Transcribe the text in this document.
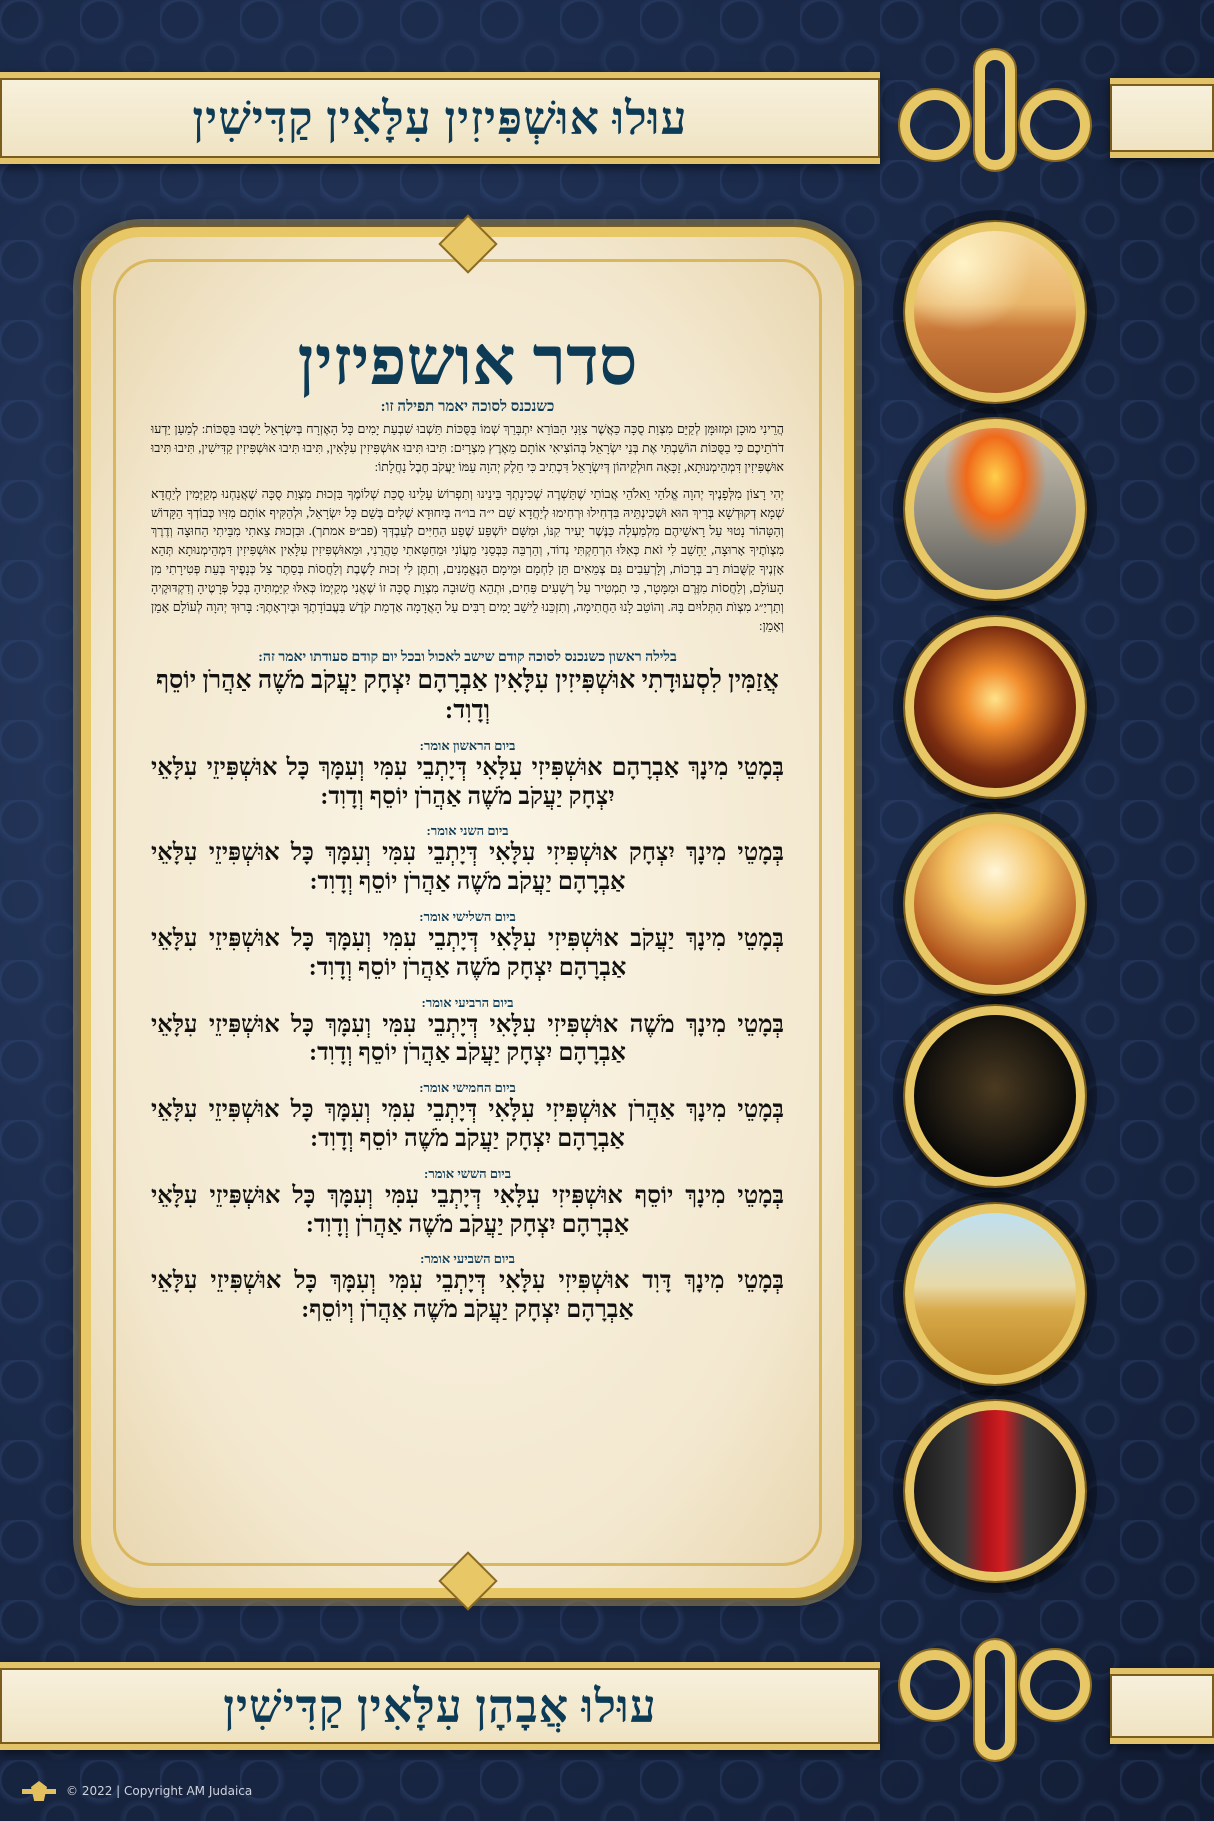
עוּלוּ אוּשְׁפִּיזִין עִלָּאִין קַדִּישִׁין
עוּלוּ אֲבָהָן עִלָּאִין קַדִּישִׁין
סדר אושפיזין
כשנכנס לסוכה יאמר תפילה זו:

הֲרֵינִי מוּכָן וּמְזוּמָּן לְקַיֵּם מִצְוַת סֻכָּה כַּאֲשֶׁר צִוַּנִי הַבּוֹרֵא יִתְבָּרַךְ שְׁמוֹ בַּסֻּכּוֹת תֵּשְׁבוּ שִׁבְעַת יָמִים כָּל הָאֶזְרָח בְּיִשְׂרָאֵל יֵשְׁבוּ בַּסֻּכּוֹת: לְמַעַן יֵדְעוּ דֹרֹתֵיכֶם כִּי בַסֻּכּוֹת הוֹשַׁבְתִּי אֶת בְּנֵי יִשְׂרָאֵל בְּהוֹצִיאִי אוֹתָם מֵאֶרֶץ מִצְרָיִם: תִּיבוּ תִּיבוּ אוּשְׁפִּיזִין עִלָּאִין, תִּיבוּ תִּיבוּ אוּשְׁפִּיזִין קַדִּישִׁין, תִּיבוּ תִּיבוּ אוּשְׁפִּיזִין דִּמְהֵימְנוּתָא, זַכָּאָה חוּלְקֵיהוֹן דְּיִשְׂרָאֵל דִּכְתִיב כִּי חֵלֶק יְהוָה עַמּוֹ יַעֲקֹב חֶבֶל נַחֲלָתוֹ:

יְהִי רָצוֹן מִלְּפָנֶיךָ יְהוָה אֱלֹהַי וֵאלֹהֵי אֲבוֹתַי שֶׁתַּשְׁרֶה שְׁכִינָתְךָ בֵּינֵינוּ וְתִפְרוֹשׂ עָלֵינוּ סֻכַּת שְׁלוֹמֶךָ בִּזְכוּת מִצְוַת סֻכָּה שֶׁאֲנַחְנוּ מְקַיְּמִין לְיַחֲדָא שְׁמָא דְקוּדְשָׁא בְּרִיךְ הוּא וּשְׁכִינְתֵּיהּ בִּדְחִילוּ וּרְחִימוּ לְיַחֲדָא שֵׁם י״ה בו״ה בְּיִחוּדָא שְׁלִים בְּשֵׁם כָּל יִשְׂרָאֵל, וּלְהַקִּיף אוֹתָם מִזִּיו כְּבוֹדְךָ הַקָּדוֹשׁ וְהַטָּהוֹר נָטוּי עַל רָאשֵׁיהֶם מִלְמַעְלָה כַּנֶּשֶׁר יָעִיר קִנּוֹ, וּמִשָּׁם יוֹשְׁפַּע שֶׁפַע הַחַיִּים לְעַבְדְּךָ (פב״פ אמתך). וּבִזְכוּת צֵאתִי מִבֵּיתִי הַחוּצָה וְדֶרֶךְ מִצְוֺתֶיךָ אָרוּצָה, יֵחָשֵׁב לִי זֹאת כְּאִלּוּ הִרְחַקְתִּי נְדוֹד, וְהַרְבֵּה כַּבְּסֵנִי מֵעֲוֹנִי וּמֵחַטָּאתִי טַהֲרֵנִי, וּמֵאוּשְׁפִּיזִין עִלָּאִין אוּשְׁפִּיזִין דִּמְהֵימְנוּתָא תְּהֵא אָזְנֶיךָ קַשֻּׁבוֹת רַב בְּרָכוֹת, וְלָרְעֵבִים גַּם צְמֵאִים תֵּן לַחְמָם וּמֵימָם הַנֶּאֱמָנִים, וְתִתֶּן לִי זְכוּת לָשֶׁבֶת וְלַחֲסוֹת בְּסֵתֶר צֵל כְּנָפֶיךָ בְּעֵת פְּטִירָתִי מִן הָעוֹלָם, וְלַחֲסוֹת מִזֶּרֶם וּמִמָּטָר, כִּי תַמְטִיר עַל רְשָׁעִים פַּחִים, וּתְהֵא חֲשׁוּבָה מִצְוַת סֻכָּה זוֹ שֶׁאֲנִי מְקַיְּמוֹ כְּאִלּוּ קִיַּמְתִּיהָ בְּכָל פְּרָטֶיהָ וְדִקְדּוּקֶיהָ וְתַרְיַ״ג מִצְוֺת הַתְּלוּיִם בָּהּ. וְהוֹטֵב לָנוּ הַחֲתִימָה, וְתִזְכֵּנוּ לֵישֵׁב יָמִים רַבִּים עַל הָאֲדָמָה אַדְמַת קֹדֶשׁ בַּעֲבוֹדָתֶךָ וּבְיִרְאָתֶךָ: בָּרוּךְ יְהוָה לְעוֹלָם אָמֵן וְאָמֵן:

בלילה ראשון כשנכנס לסוכה קודם שישב לאכול ובכל יום קודם סעודתו יאמר זה:
אֲזַמִּין לִסְעוּדָתִי אוּשְׁפִּיזִין עִלָּאִין אַבְרָהָם יִצְחָק יַעֲקֹב מֹשֶׁה אַהֲרֹן יוֹסֵף וְדָוִד:
ביום הראשון אומר:
בְּמָטֵי מִינָךְ אַבְרָהָם אוּשְׁפִּיזִי עִלָּאִי דְּיָתְבֵי עִמִּי וְעִמָּךְ כָּל אוּשְׁפִּיזֵי עִלָּאֵי יִצְחָק יַעֲקֹב מֹשֶׁה אַהֲרֹן יוֹסֵף וְדָוִד:
ביום השני אומר:
בְּמָטֵי מִינָךְ יִצְחָק אוּשְׁפִּיזִי עִלָּאִי דְּיָתְבֵי עִמִּי וְעִמָּךְ כָּל אוּשְׁפִּיזֵי עִלָּאֵי אַבְרָהָם יַעֲקֹב מֹשֶׁה אַהֲרֹן יוֹסֵף וְדָוִד:
ביום השלישי אומר:
בְּמָטֵי מִינָךְ יַעֲקֹב אוּשְׁפִּיזִי עִלָּאִי דְּיָתְבֵי עִמִּי וְעִמָּךְ כָּל אוּשְׁפִּיזֵי עִלָּאֵי אַבְרָהָם יִצְחָק מֹשֶׁה אַהֲרֹן יוֹסֵף וְדָוִד:
ביום הרביעי אומר:
בְּמָטֵי מִינָךְ מֹשֶׁה אוּשְׁפִּיזִי עִלָּאִי דְּיָתְבֵי עִמִּי וְעִמָּךְ כָּל אוּשְׁפִּיזֵי עִלָּאֵי אַבְרָהָם יִצְחָק יַעֲקֹב אַהֲרֹן יוֹסֵף וְדָוִד:
ביום החמישי אומר:
בְּמָטֵי מִינָךְ אַהֲרֹן אוּשְׁפִּיזִי עִלָּאִי דְּיָתְבֵי עִמִּי וְעִמָּךְ כָּל אוּשְׁפִּיזֵי עִלָּאֵי אַבְרָהָם יִצְחָק יַעֲקֹב מֹשֶׁה יוֹסֵף וְדָוִד:
ביום הששי אומר:
בְּמָטֵי מִינָךְ יוֹסֵף אוּשְׁפִּיזִי עִלָּאִי דְּיָתְבֵי עִמִּי וְעִמָּךְ כָּל אוּשְׁפִּיזֵי עִלָּאֵי אַבְרָהָם יִצְחָק יַעֲקֹב מֹשֶׁה אַהֲרֹן וְדָוִד:
ביום השביעי אומר:
בְּמָטֵי מִינָךְ דָּוִד אוּשְׁפִּיזִי עִלָּאִי דְּיָתְבֵי עִמִּי וְעִמָּךְ כָּל אוּשְׁפִּיזֵי עִלָּאֵי אַבְרָהָם יִצְחָק יַעֲקֹב מֹשֶׁה אַהֲרֹן וְיוֹסֵף:
© 2022 | Copyright AM Judaica
